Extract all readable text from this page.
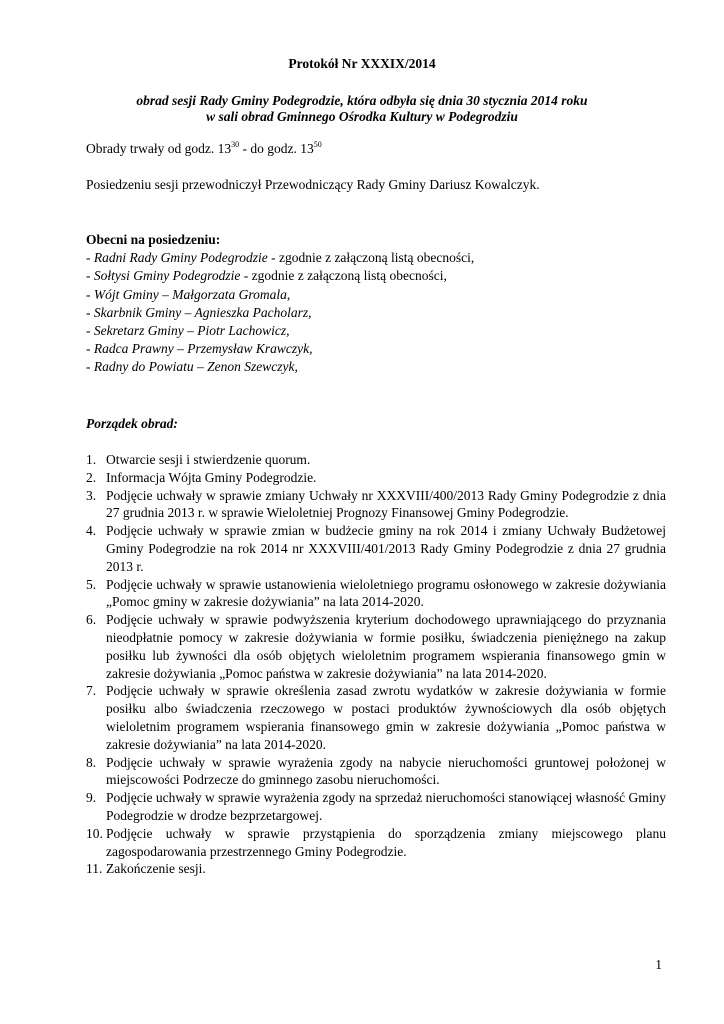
Protokół Nr XXXIX/2014
obrad sesji Rady Gminy Podegrodzie, która odbyła się dnia 30 stycznia 2014 roku
w sali obrad Gminnego Ośrodka Kultury w Podegrodziu
Obrady trwały od godz. $13^{30}$ - do godz. $13^{50}$
Posiedzeniu sesji przewodniczył Przewodniczący Rady Gminy Dariusz Kowalczyk.
Obecni na posiedzeniu:
- Radni Rady Gminy Podegrodzie - zgodnie z załączoną listą obecności,
- Sołtysi Gminy Podegrodzie - zgodnie z załączoną listą obecności,
- Wójt Gminy – Małgorzata Gromala,
- Skarbnik Gminy – Agnieszka Pacholarz,
- Sekretarz Gminy – Piotr Lachowicz,
- Radca Prawny – Przemysław Krawczyk,
- Radny do Powiatu – Zenon Szewczyk,
Porządek obrad:
1. Otwarcie sesji i stwierdzenie quorum.
2. Informacja Wójta Gminy Podegrodzie.
3. Podjęcie uchwały w sprawie zmiany Uchwały nr XXXVIII/400/2013 Rady Gminy Podegrodzie z dnia 27 grudnia 2013 r. w sprawie Wieloletniej Prognozy Finansowej Gminy Podegrodzie.
4. Podjęcie uchwały w sprawie zmian w budżecie gminy na rok 2014 i zmiany Uchwały Budżetowej Gminy Podegrodzie na rok 2014 nr XXXVIII/401/2013 Rady Gminy Podegrodzie z dnia 27 grudnia 2013 r.
5. Podjęcie uchwały w sprawie ustanowienia wieloletniego programu osłonowego w zakresie dożywiania „Pomoc gminy w zakresie dożywiania” na lata 2014-2020.
6. Podjęcie uchwały w sprawie podwyższenia kryterium dochodowego uprawniającego do przyznania nieodpłatnie pomocy w zakresie dożywiania w formie posiłku, świadczenia pieniężnego na zakup posiłku lub żywności dla osób objętych wieloletnim programem wspierania finansowego gmin w zakresie dożywiania „Pomoc państwa w zakresie dożywiania” na lata 2014-2020.
7. Podjęcie uchwały w sprawie określenia zasad zwrotu wydatków w zakresie dożywiania w formie posiłku albo świadczenia rzeczowego w postaci produktów żywnościowych dla osób objętych wieloletnim programem wspierania finansowego gmin w zakresie dożywiania „Pomoc państwa w zakresie dożywiania” na lata 2014-2020.
8. Podjęcie uchwały w sprawie wyrażenia zgody na nabycie nieruchomości gruntowej położonej w miejscowości Podrzecze do gminnego zasobu nieruchomości.
9. Podjęcie uchwały w sprawie wyrażenia zgody na sprzedaż nieruchomości stanowiącej własność Gminy Podegrodzie w drodze bezprzetargowej.
10. Podjęcie uchwały w sprawie przystąpienia do sporządzenia zmiany miejscowego planu zagospodarowania przestrzennego Gminy Podegrodzie.
11. Zakończenie sesji.
1
